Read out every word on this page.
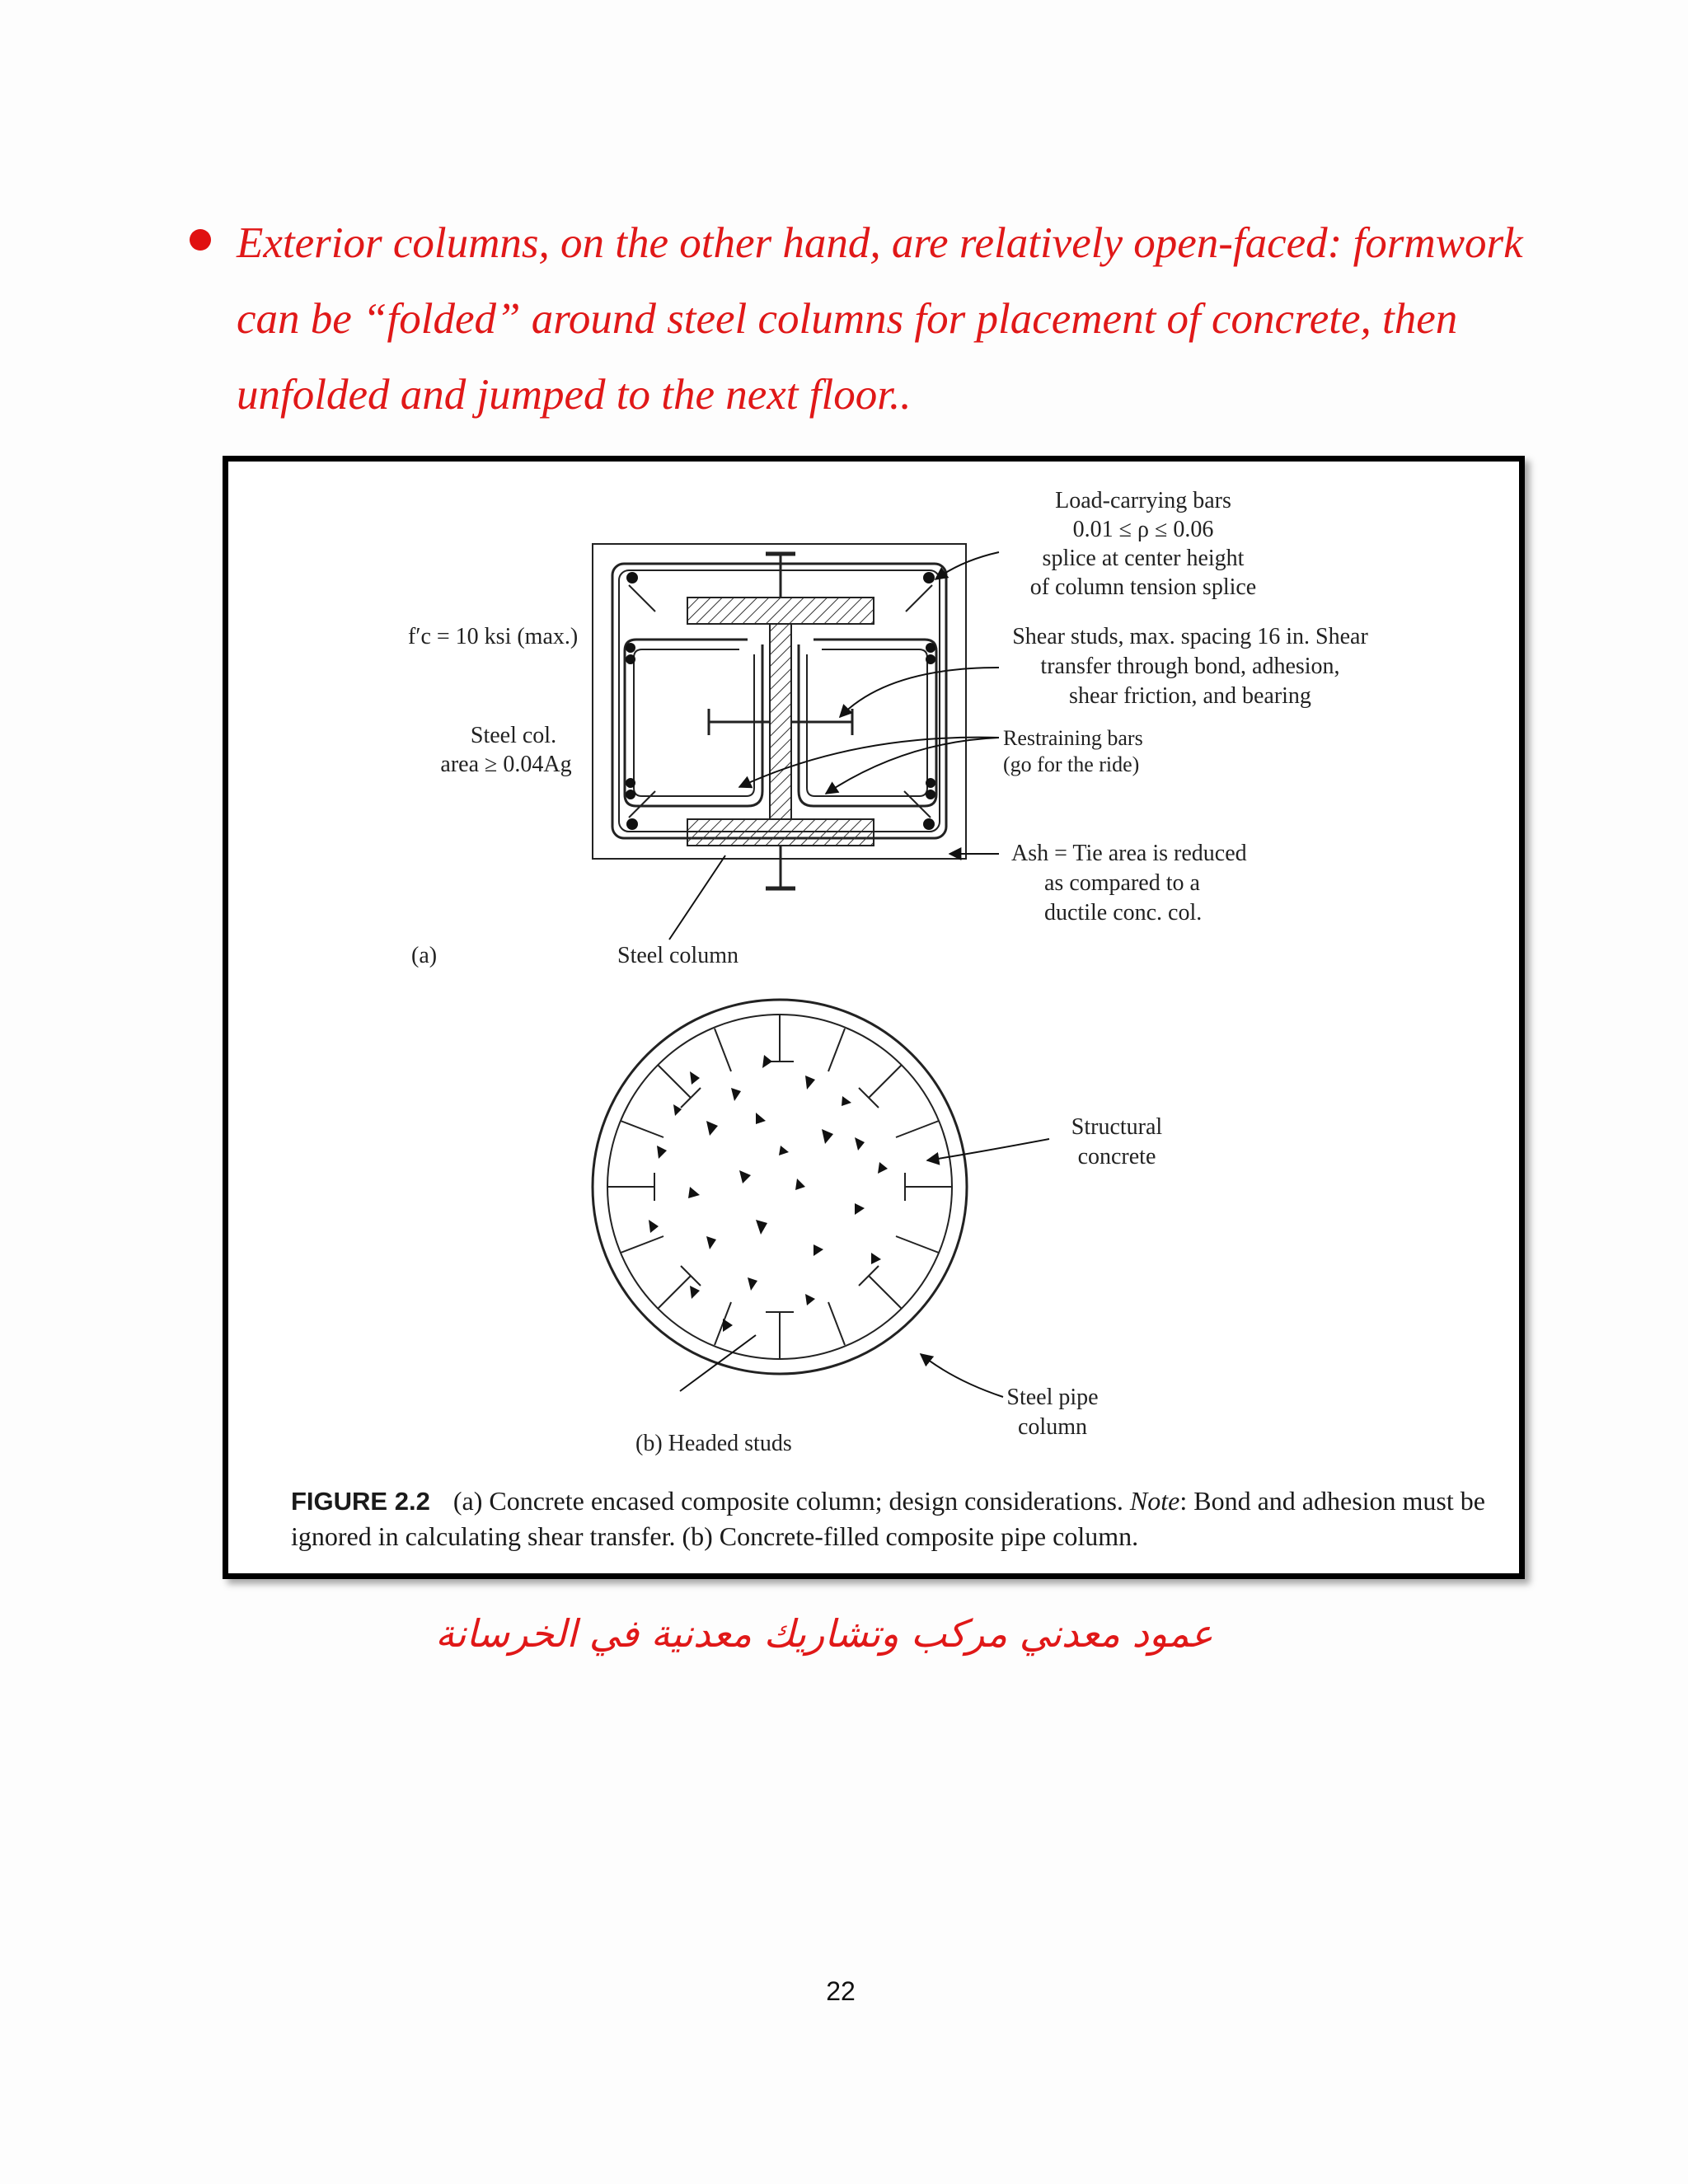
Exterior columns, on the other hand, are relatively open-faced: formwork
can be “folded” around steel columns for placement of concrete, then
unfolded and jumped to the next floor..
f′c = 10 ksi (max.)
Steel col.
area ≥ 0.04Ag
Load-carrying bars
0.01 ≤ ρ ≤ 0.06
splice at center height
of column tension splice
Shear studs, max. spacing 16 in. Shear
transfer through bond, adhesion,
shear friction, and bearing
Restraining bars
(go for the ride)
Ash = Tie area is reduced
as compared to a
ductile conc. col.
(a)	Steel column
Structural
concrete
Steel pipe
column
(b) Headed studs
FIGURE 2.2 (a) Concrete encased composite column; design considerations. Note: Bond and adhesion must be ignored in calculating shear transfer. (b) Concrete-filled composite pipe column.
عمود معدني مركب وتشاريك معدنية في الخرسانة
22
